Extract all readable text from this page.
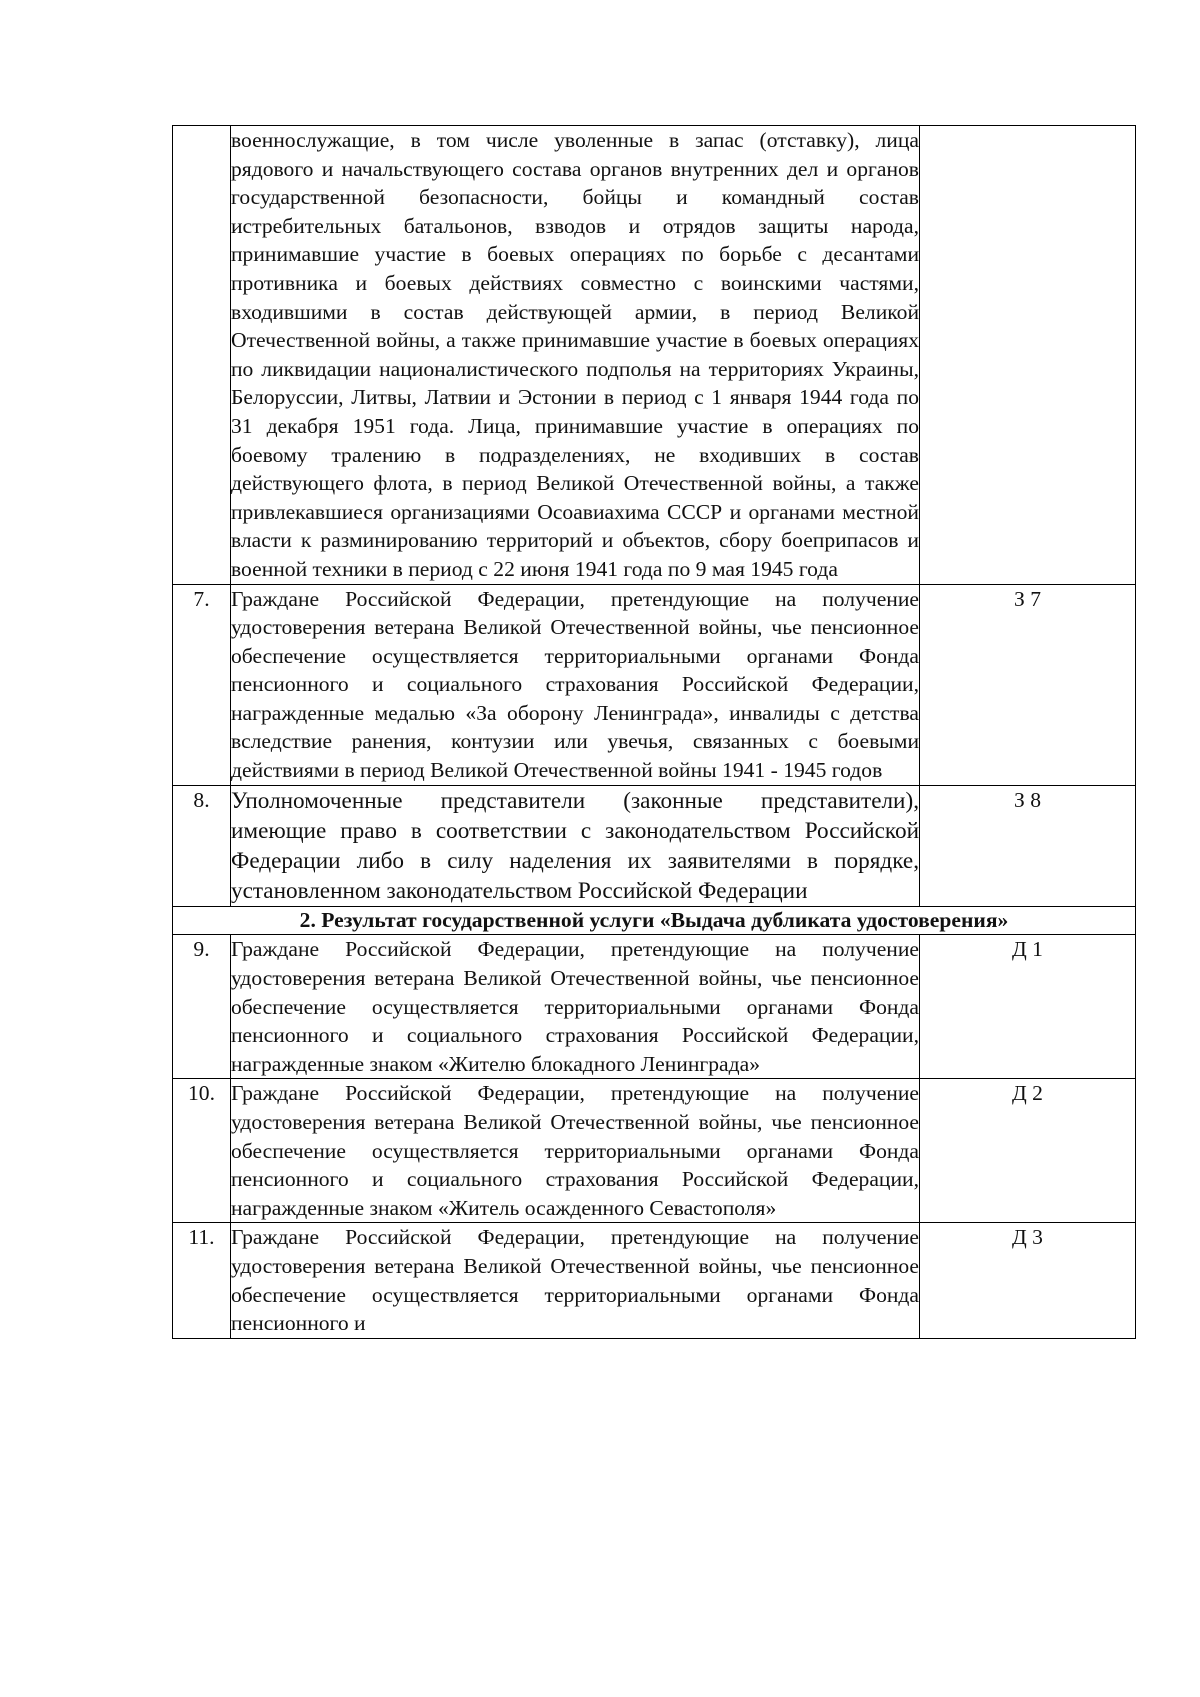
	военнослужащие, в том числе уволенные в запас (отставку), лица рядового и начальствующего состава органов внутренних дел и органов государственной безопасности, бойцы и командный состав истребительных батальонов, взводов и отрядов защиты народа, принимавшие участие в боевых операциях по борьбе с десантами противника и боевых действиях совместно с воинскими частями, входившими в состав действующей армии, в период Великой Отечественной войны, а также принимавшие участие в боевых операциях по ликвидации националистического подполья на территориях Украины, Белоруссии, Литвы, Латвии и Эстонии в период с 1 января 1944 года по 31 декабря 1951 года. Лица, принимавшие участие в операциях по боевому тралению в подразделениях, не входивших в состав действующего флота, в период Великой Отечественной войны, а также привлекавшиеся организациями Осоавиахима СССР и органами местной власти к разминированию территорий и объектов, сбору боеприпасов и военной техники в период с 22 июня 1941 года по 9 мая 1945 года	
7.	Граждане Российской Федерации, претендующие на получение удостоверения ветерана Великой Отечественной войны, чье пенсионное обеспечение осуществляется территориальными органами Фонда пенсионного и социального страхования Российской Федерации, награжденные медалью «За оборону Ленинграда», инвалиды с детства вследствие ранения, контузии или увечья, связанных с боевыми действиями в период Великой Отечественной войны 1941 - 1945 годов	З 7
8.	Уполномоченные представители (законные представители), имеющие право в соответствии с законодательством Российской Федерации либо в силу наделения их заявителями в порядке, установленном законодательством Российской Федерации	З 8
2. Результат государственной услуги «Выдача дубликата удостоверения»		
9.	Граждане Российской Федерации, претендующие на получение удостоверения ветерана Великой Отечественной войны, чье пенсионное обеспечение осуществляется территориальными органами Фонда пенсионного и социального страхования Российской Федерации, награжденные знаком «Жителю блокадного Ленинграда»	Д 1
10.	Граждане Российской Федерации, претендующие на получение удостоверения ветерана Великой Отечественной войны, чье пенсионное обеспечение осуществляется территориальными органами Фонда пенсионного и социального страхования Российской Федерации, награжденные знаком «Житель осажденного Севастополя»	Д 2
11.	Граждане Российской Федерации, претендующие на получение удостоверения ветерана Великой Отечественной войны, чье пенсионное обеспечение осуществляется территориальными органами Фонда пенсионного и	Д 3
